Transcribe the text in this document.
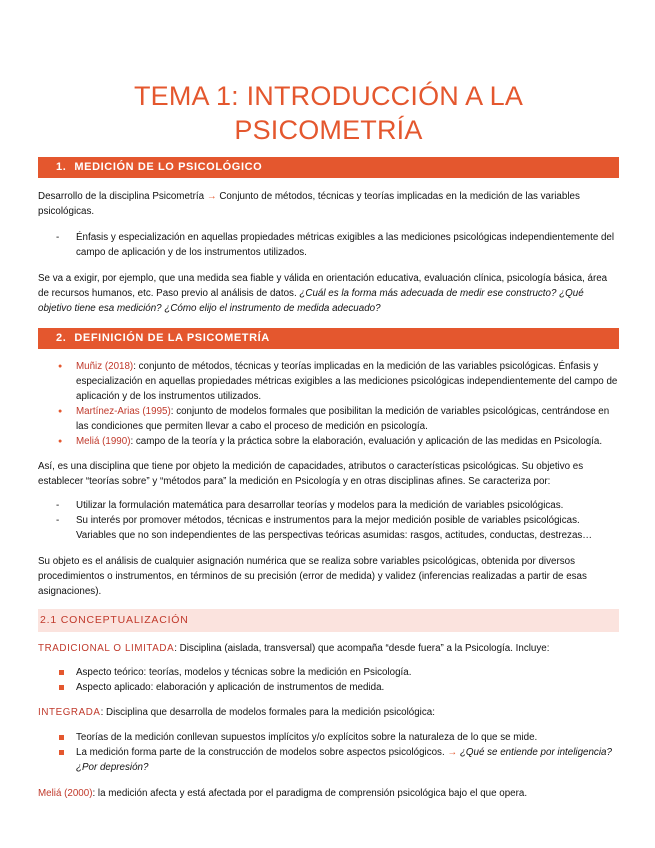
TEMA 1: INTRODUCCIÓN A LA PSICOMETRÍA
1. MEDICIÓN DE LO PSICOLÓGICO

Desarrollo de la disciplina Psicometría → Conjunto de métodos, técnicas y teorías implicadas en la medición de las variables psicológicas.

- Énfasis y especialización en aquellas propiedades métricas exigibles a las mediciones psicológicas independientemente del campo de aplicación y de los instrumentos utilizados.

Se va a exigir, por ejemplo, que una medida sea fiable y válida en orientación educativa, evaluación clínica, psicología básica, área de recursos humanos, etc. Paso previo al análisis de datos. ¿Cuál es la forma más adecuada de medir ese constructo? ¿Qué objetivo tiene esa medición? ¿Cómo elijo el instrumento de medida adecuado?

2. DEFINICIÓN DE LA PSICOMETRÍA
● Muñiz (2018): conjunto de métodos, técnicas y teorías implicadas en la medición de las variables psicológicas. Énfasis y especialización en aquellas propiedades métricas exigibles a las mediciones psicológicas independientemente del campo de aplicación y de los instrumentos utilizados.
● Martínez-Arias (1995): conjunto de modelos formales que posibilitan la medición de variables psicológicas, centrándose en las condiciones que permiten llevar a cabo el proceso de medición en psicología.
● Meliá (1990): campo de la teoría y la práctica sobre la elaboración, evaluación y aplicación de las medidas en Psicología.

Así, es una disciplina que tiene por objeto la medición de capacidades, atributos o características psicológicas. Su objetivo es establecer “teorías sobre” y “métodos para” la medición en Psicología y en otras disciplinas afines. Se caracteriza por:

- Utilizar la formulación matemática para desarrollar teorías y modelos para la medición de variables psicológicas.
- Su interés por promover métodos, técnicas e instrumentos para la mejor medición posible de variables psicológicas. Variables que no son independientes de las perspectivas teóricas asumidas: rasgos, actitudes, conductas, destrezas…

Su objeto es el análisis de cualquier asignación numérica que se realiza sobre variables psicológicas, obtenida por diversos procedimientos o instrumentos, en términos de su precisión (error de medida) y validez (inferencias realizadas a partir de esas asignaciones).

2.1 CONCEPTUALIZACIÓN

TRADICIONAL O LIMITADA: Disciplina (aislada, transversal) que acompaña “desde fuera” a la Psicología. Incluye:

Aspecto teórico: teorías, modelos y técnicas sobre la medición en Psicología.
Aspecto aplicado: elaboración y aplicación de instrumentos de medida.

INTEGRADA: Disciplina que desarrolla de modelos formales para la medición psicológica:

Teorías de la medición conllevan supuestos implícitos y/o explícitos sobre la naturaleza de lo que se mide.
La medición forma parte de la construcción de modelos sobre aspectos psicológicos. → ¿Qué se entiende por inteligencia? ¿Por depresión?

Meliá (2000): la medición afecta y está afectada por el paradigma de comprensión psicológica bajo el que opera.
